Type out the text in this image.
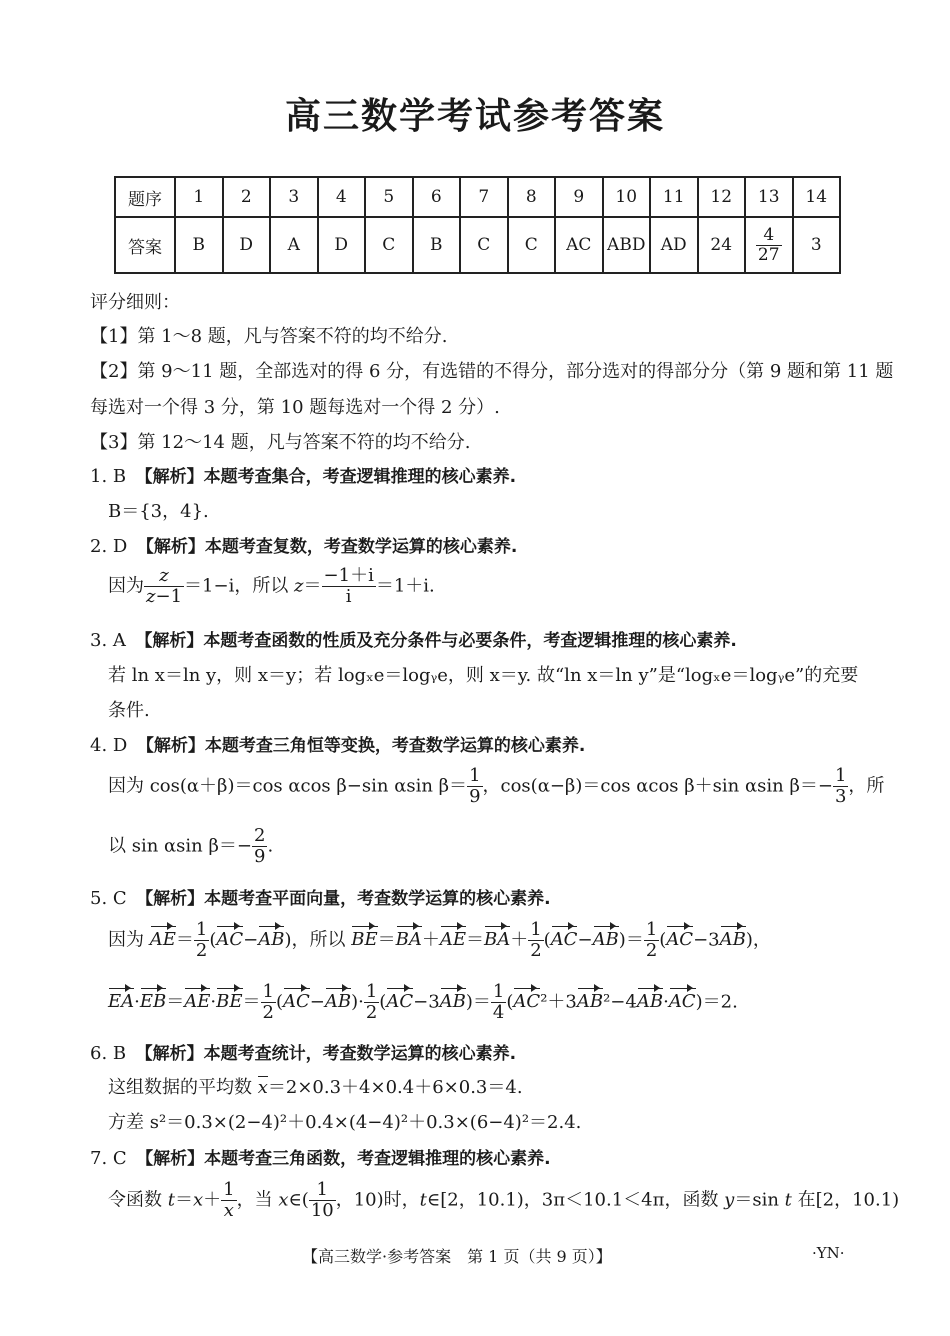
高三数学考试参考答案
题序	1	2	3	4	5	6	7	8	9	10	11	12	13	14
答案	B	D	A	D	C	B	C	C	AC	ABD	AD	24	$\frac{4}{27}$	3
评分细则：
【1】第 1～8 题，凡与答案不符的均不给分.
【2】第 9～11 题，全部选对的得 6 分，有选错的不得分，部分选对的得部分分（第 9 题和第 11 题
每选对一个得 3 分，第 10 题每选对一个得 2 分）.
【3】第 12～14 题，凡与答案不符的均不给分.
1. B　 【解析】本题考查集合，考查逻辑推理的核心素养.
B＝{3，4}.
2. D　 【解析】本题考查复数，考查数学运算的核心素养.
因为 $\frac{z}{z-1} =1-i$，所以 $z= \frac{-1+i}{i} =1+i$.
3. A　 【解析】本题考查函数的性质及充分条件与必要条件，考查逻辑推理的核心素养.
若 ln x＝ln y，则 x＝y；若 logₓe＝logᵧe，则 x＝y. 故“ln x＝ln y”是“logₓe＝logᵧe”的充要
条件.
4. D　 【解析】本题考查三角恒等变换，考查数学运算的核心素养.
因为 cos(α＋β)＝cos αcos β−sin αsin $\beta= \frac{1}{9}$ ，cos(α−β)＝cos αcos β＋sin αsin $\beta=- \frac{1}{3}$ ，所
以 sin αsin $\beta=- \frac{2}{9}$ .
5. C　 【解析】本题考查平面向量，考查数学运算的核心素养.
因为 $AE= \frac{1}{2} (AC-AB)$，所以 $BE=BA+AE=BA+ \frac{1}{2} (AC-AB)= \frac{1}{2} (AC-3AB)$，
$EA\cdot EB=AE\cdot BE= \frac{1}{2} (AC-AB)\cdot \frac{1}{2} (AC-3AB)= \frac{1}{4} (AC^2+3AB^2-4AB\cdot AC)=2$.
6. B　 【解析】本题考查统计，考查数学运算的核心素养.
这组数据的平均数 x＝2×0.3＋4×0.4＋6×0.3＝4.
方差 s²＝0.3×(2−4)²＋0.4×(4−4)²＋0.3×(6−4)²＝2.4.
7. C　 【解析】本题考查三角函数，考查逻辑推理的核心素养.
令函数 $t=x+ \frac{1}{x}$ ，当 x∈( $\frac{1}{10}$ ，10)时，t∈[2，10.1)，3π＜10.1＜4π，函数 y＝sin t 在[2，10.1)
【高三数学·参考答案　第 1 页（共 9 页）】	·YN·
